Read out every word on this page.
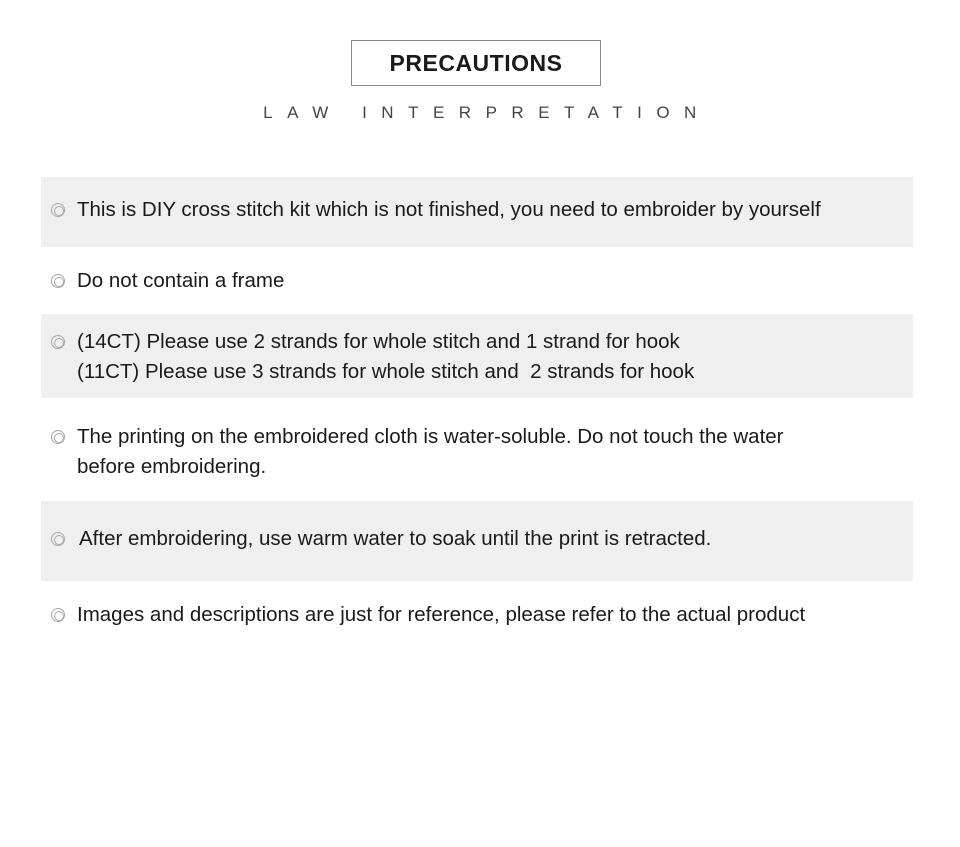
PRECAUTIONS
LAW INTERPRETATION
This is DIY cross stitch kit which is not finished, you need to embroider by yourself
Do not contain a frame
(14CT) Please use 2 strands for whole stitch and 1 strand for hook
(11CT) Please use 3 strands for whole stitch and  2 strands for hook
The printing on the embroidered cloth is water-soluble. Do not touch the water
before embroidering.
After embroidering, use warm water to soak until the print is retracted.
Images and descriptions are just for reference, please refer to the actual product
